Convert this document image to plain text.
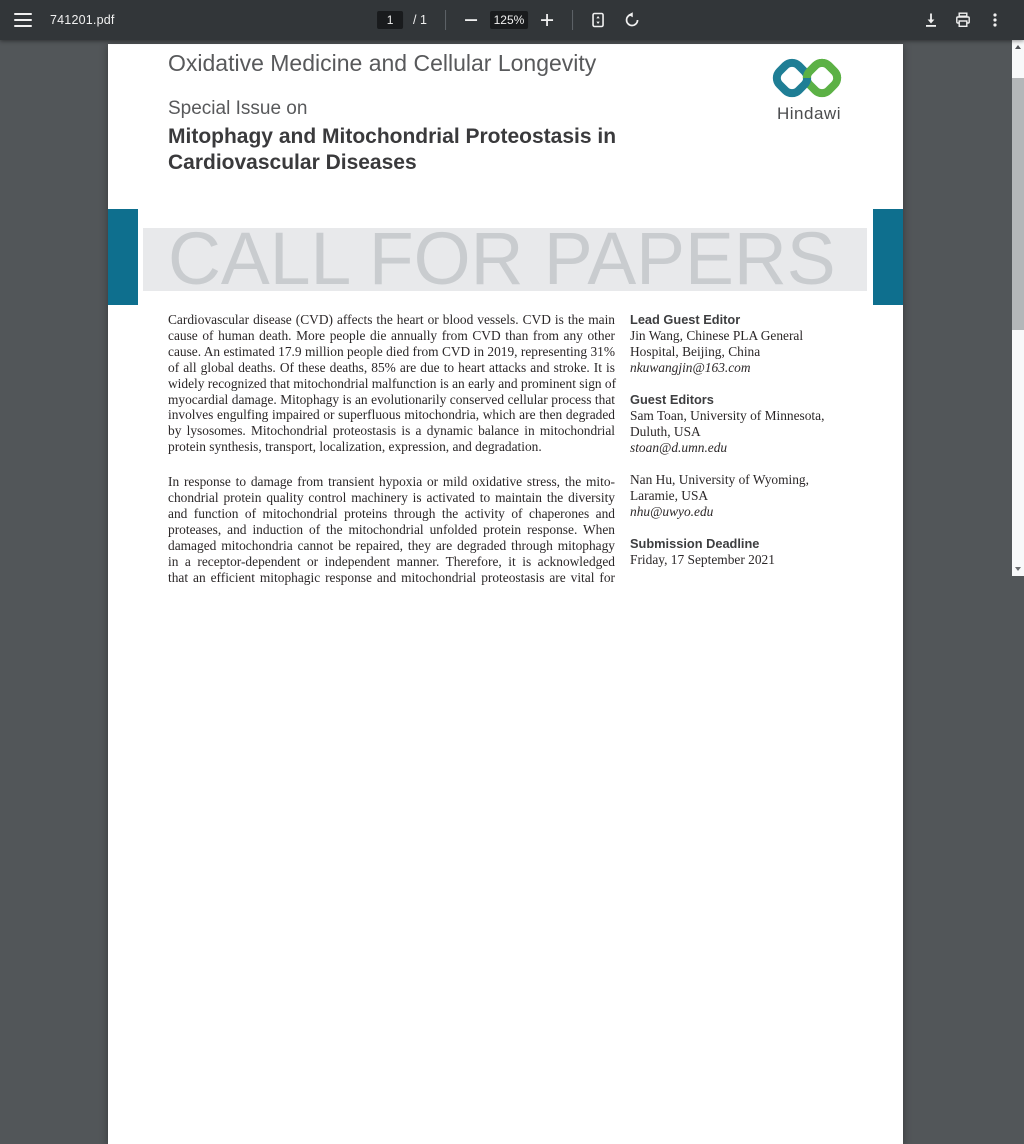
741201.pdf
1	/ 1
125%
Oxidative Medicine and Cellular Longevity
Special Issue on
Mitophagy and Mitochondrial Proteostasis in
Cardiovascular Diseases
Hindawi
CALL FOR PAPERS
Cardiovascular disease (CVD) affects the heart or blood vessels. CVD is the main
cause of human death. More people die annually from CVD than from any other
cause. An estimated 17.9 million people died from CVD in 2019, representing 31%
of all global deaths. Of these deaths, 85% are due to heart attacks and stroke. It is
widely recognized that mitochondrial malfunction is an early and prominent sign of
myocardial damage. Mitophagy is an evolutionarily conserved cellular process that
involves engulfing impaired or superfluous mitochondria, which are then degraded
by lysosomes. Mitochondrial proteostasis is a dynamic balance in mitochondrial
protein synthesis, transport, localization, expression, and degradation.
In response to damage from transient hypoxia or mild oxidative stress, the mito-
chondrial protein quality control machinery is activated to maintain the diversity
and function of mitochondrial proteins through the activity of chaperones and
proteases, and induction of the mitochondrial unfolded protein response. When
damaged mitochondria cannot be repaired, they are degraded through mitophagy
in a receptor-dependent or independent manner. Therefore, it is acknowledged
that an efficient mitophagic response and mitochondrial proteostasis are vital for
Lead Guest Editor
Jin Wang, Chinese PLA General
Hospital, Beijing, China
nkuwangjin@163.com
Guest Editors
Sam Toan, University of Minnesota,
Duluth, USA
stoan@d.umn.edu
Nan Hu, University of Wyoming,
Laramie, USA
nhu@uwyo.edu
Submission Deadline
Friday, 17 September 2021
